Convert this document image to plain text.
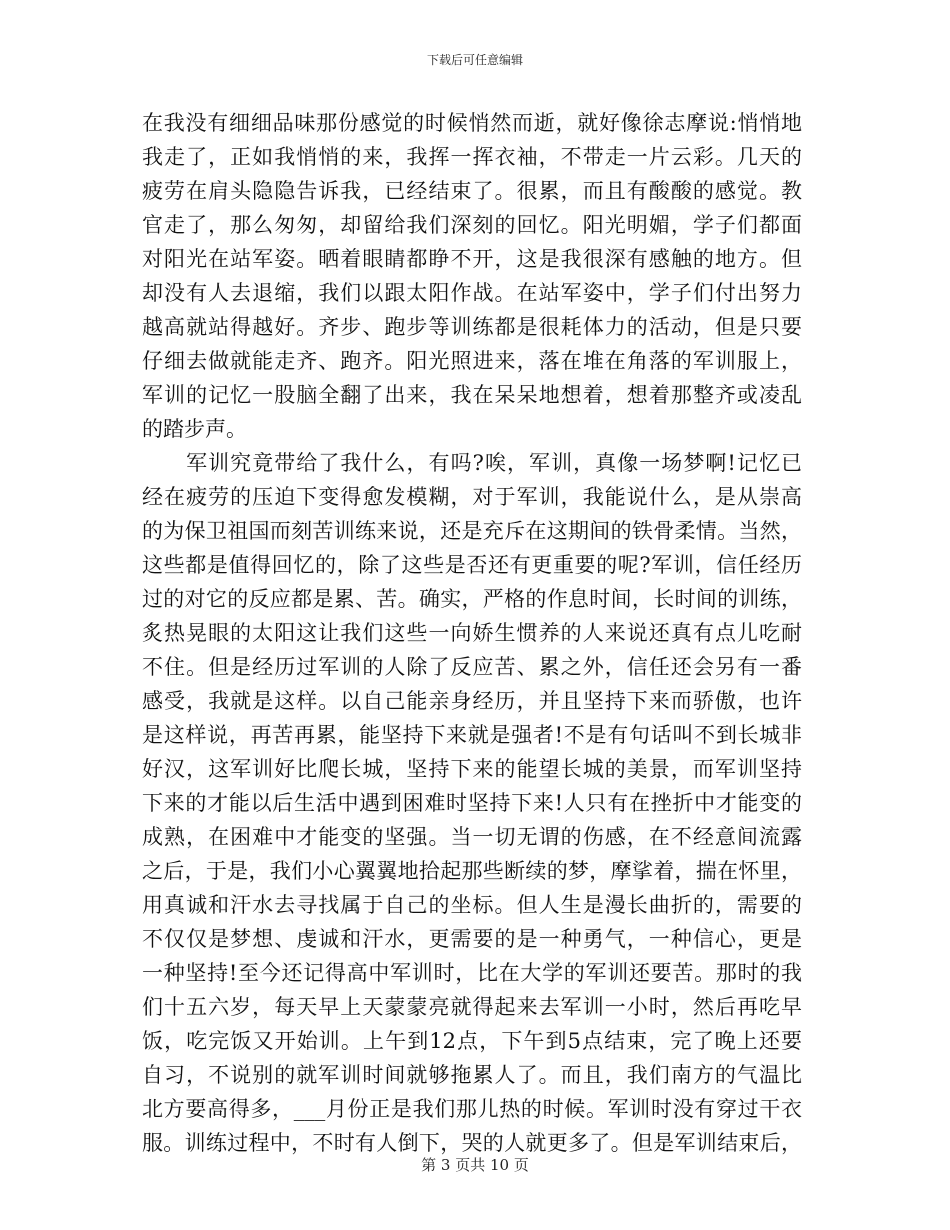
下载后可任意编辑
在我没有细细品味那份感觉的时候悄然而逝，就好像徐志摩说:悄悄地
我走了，正如我悄悄的来，我挥一挥衣袖，不带走一片云彩。几天的
疲劳在肩头隐隐告诉我，已经结束了。很累，而且有酸酸的感觉。教
官走了，那么匆匆，却留给我们深刻的回忆。阳光明媚，学子们都面
对阳光在站军姿。晒着眼睛都睁不开，这是我很深有感触的地方。但
却没有人去退缩，我们以跟太阳作战。在站军姿中，学子们付出努力
越高就站得越好。齐步、跑步等训练都是很耗体力的活动，但是只要
仔细去做就能走齐、跑齐。阳光照进来，落在堆在角落的军训服上，
军训的记忆一股脑全翻了出来，我在呆呆地想着，想着那整齐或凌乱
的踏步声。
　　军训究竟带给了我什么，有吗?唉，军训，真像一场梦啊!记忆已
经在疲劳的压迫下变得愈发模糊，对于军训，我能说什么，是从崇高
的为保卫祖国而刻苦训练来说，还是充斥在这期间的铁骨柔情。当然，
这些都是值得回忆的，除了这些是否还有更重要的呢?军训，信任经历
过的对它的反应都是累、苦。确实，严格的作息时间，长时间的训练，
炙热晃眼的太阳这让我们这些一向娇生惯养的人来说还真有点儿吃耐
不住。但是经历过军训的人除了反应苦、累之外，信任还会另有一番
感受，我就是这样。以自己能亲身经历，并且坚持下来而骄傲，也许
是这样说，再苦再累，能坚持下来就是强者!不是有句话叫不到长城非
好汉，这军训好比爬长城，坚持下来的能望长城的美景，而军训坚持
下来的才能以后生活中遇到困难时坚持下来!人只有在挫折中才能变的
成熟，在困难中才能变的坚强。当一切无谓的伤感，在不经意间流露
之后，于是，我们小心翼翼地拾起那些断续的梦，摩挲着，揣在怀里，
用真诚和汗水去寻找属于自己的坐标。但人生是漫长曲折的，需要的
不仅仅是梦想、虔诚和汗水，更需要的是一种勇气，一种信心，更是
一种坚持!至今还记得高中军训时，比在大学的军训还要苦。那时的我
们十五六岁，每天早上天蒙蒙亮就得起来去军训一小时，然后再吃早
饭，吃完饭又开始训。上午到12点，下午到5点结束，完了晚上还要
自习，不说别的就军训时间就够拖累人了。而且，我们南方的气温比
北方要高得多，___月份正是我们那儿热的时候。军训时没有穿过干衣
服。训练过程中，不时有人倒下，哭的人就更多了。但是军训结束后，
第 3 页共 10 页
